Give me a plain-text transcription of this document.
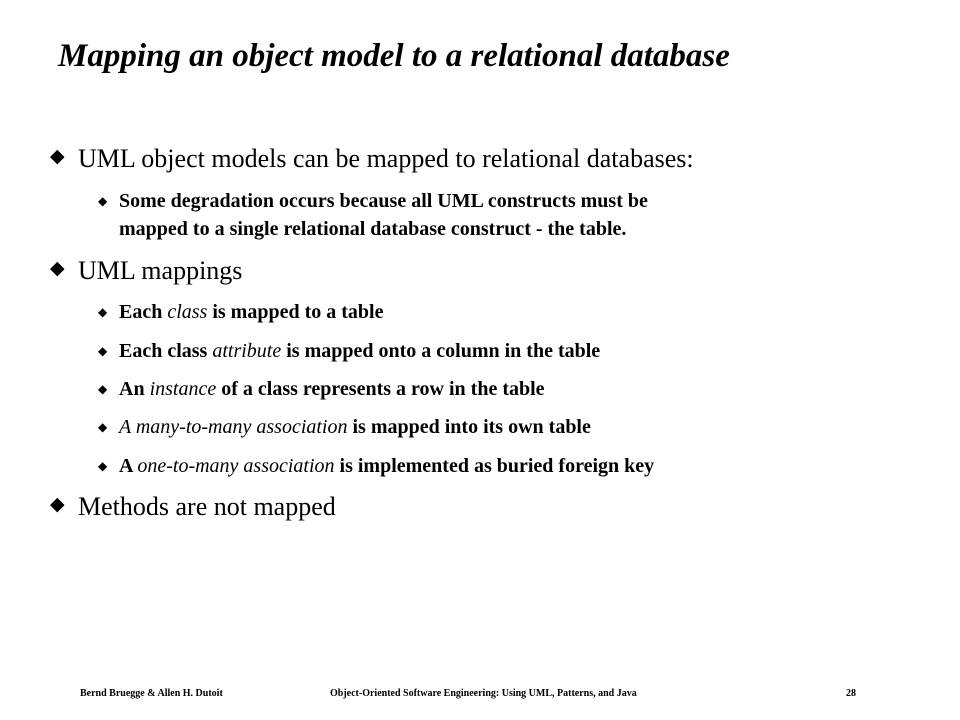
Mapping an object model to a relational database
◆ UML object models can be mapped to relational databases:
◆ Some degradation occurs because all UML constructs must be
mapped to a single relational database construct - the table.
◆ UML mappings
◆ Each class is mapped to a table
◆ Each class attribute is mapped onto a column in the table
◆ An instance of a class represents a row in the table
◆ A many-to-many association is mapped into its own table
◆ A one-to-many association is implemented as buried foreign key
◆ Methods are not mapped
Bernd Bruegge & Allen H. Dutoit	Object-Oriented Software Engineering: Using UML, Patterns, and Java	28
